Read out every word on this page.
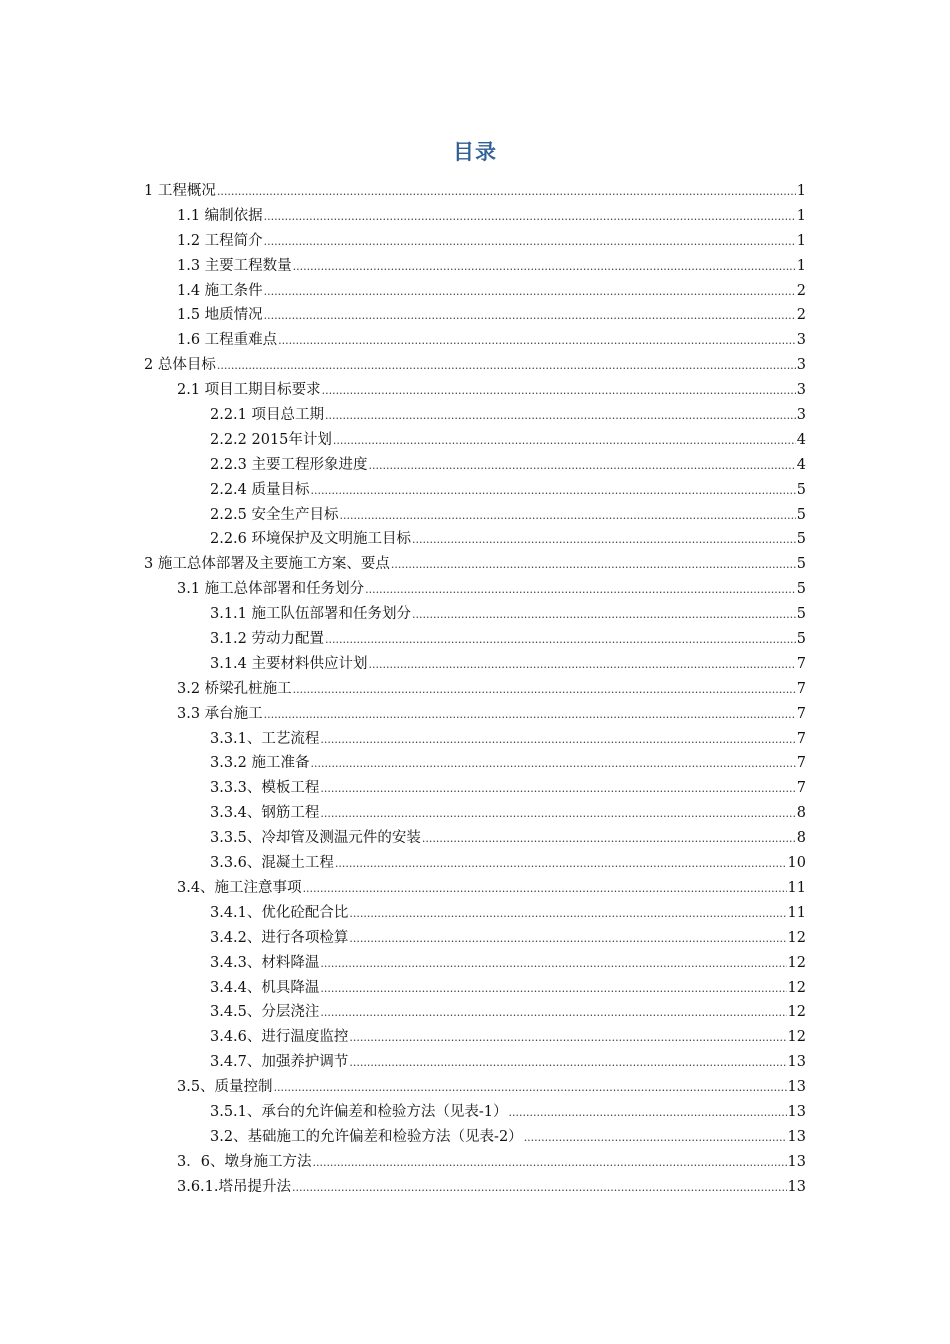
目录
1 工程概况 .....	1
1.1 编制依据 .....	1
1.2 工程简介 .....	1
1.3 主要工程数量 .....	1
1.4 施工条件 .....	2
1.5 地质情况 .....	2
1.6 工程重难点 .....	3
2 总体目标 .....	3
2.1 项目工期目标要求 .....	3
2.2.1 项目总工期 .....	3
2.2.2 2015年计划 .....	4
2.2.3 主要工程形象进度 .....	4
2.2.4 质量目标 .....	5
2.2.5 安全生产目标 .....	5
2.2.6 环境保护及文明施工目标 .....	5
3 施工总体部署及主要施工方案、要点 .....	5
3.1 施工总体部署和任务划分 .....	5
3.1.1 施工队伍部署和任务划分 .....	5
3.1.2 劳动力配置 .....	5
3.1.4 主要材料供应计划 .....	7
3.2 桥梁孔桩施工 .....	7
3.3 承台施工 .....	7
3.3.1、工艺流程 .....	7
3.3.2 施工准备 .....	7
3.3.3、模板工程 .....	7
3.3.4、钢筋工程 .....	8
3.3.5、冷却管及测温元件的安装 .....	8
3.3.6、混凝土工程 .....	10
3.4、施工注意事项 .....	11
3.4.1、优化砼配合比 .....	11
3.4.2、进行各项检算 .....	12
3.4.3、材料降温 .....	12
3.4.4、机具降温 .....	12
3.4.5、分层浇注 .....	12
3.4.6、进行温度监控 .....	12
3.4.7、加强养护调节 .....	13
3.5、质量控制 .....	13
3.5.1、承台的允许偏差和检验方法（见表-1） .....	13
3.2、基础施工的允许偏差和检验方法（见表-2） .....	13
3．6、墩身施工方法 .....	13
3.6.1.塔吊提升法 .....	13
